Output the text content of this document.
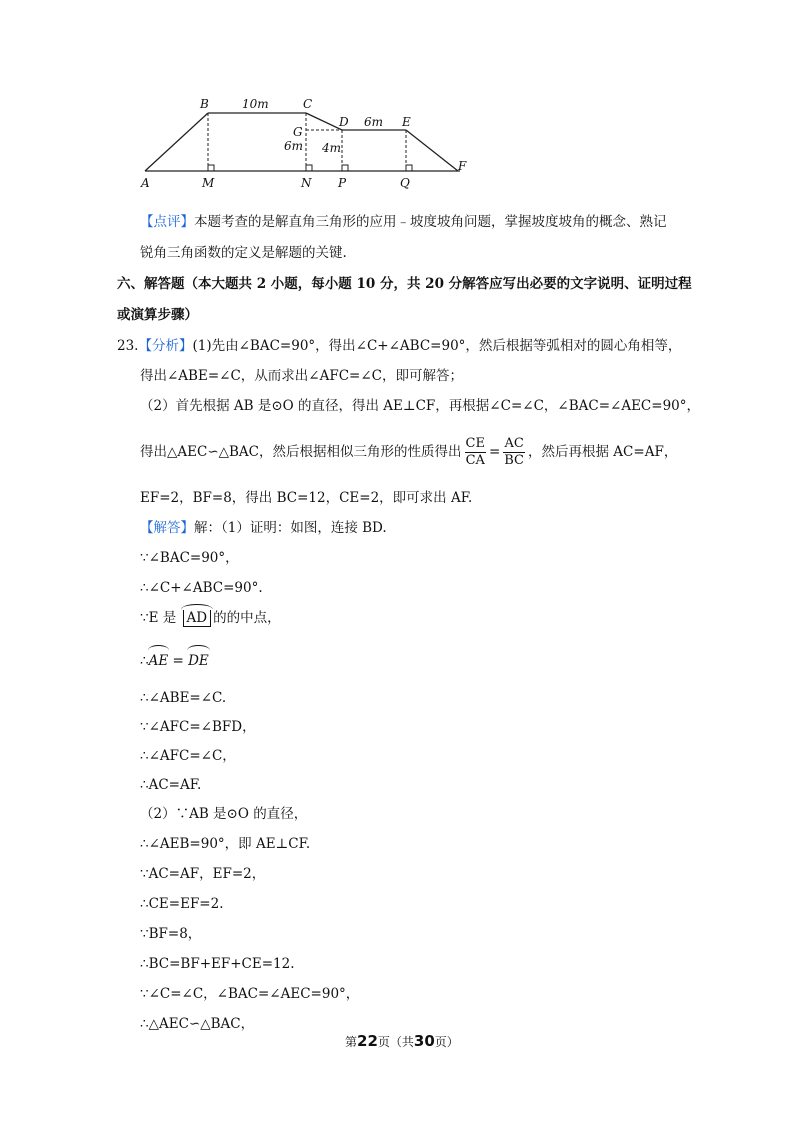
A
B	C
D	E
F
G
M	N P	Q
10m
6m
6m 4m
【点评】本题考查的是解直角三角形的应用﹣坡度坡角问题，掌握坡度坡角的概念、熟记
锐角三角函数的定义是解题的关键.
六、解答题（本大题共 2 小题，每小题 10 分，共 20 分解答应写出必要的文字说明、证明过程
或演算步骤）
23.【分析】(1)先由∠BAC=90°，得出∠C+∠ABC=90°，然后根据等弧相对的圆心角相等，
得出∠ABE=∠C，从而求出∠AFC=∠C，即可解答；
（2）首先根据 AB 是⊙O 的直径，得出 AE⊥CF，再根据∠C=∠C，∠BAC=∠AEC=90°，
得出△AEC∽△BAC，然后根据相似三角形的性质得出 $\frac{CE}{CA} = \frac{AC}{BC}$ ，然后再根据 AC=AF，
EF=2，BF=8，得出 BC=12，CE=2，即可求出 AF.
【解答】解：（1）证明：如图，连接 BD.
∵∠BAC=90°，
∴∠C+∠ABC=90°.
∵E 是 AD 的的中点，
∴AE = DE
∴∠ABE=∠C.
∵∠AFC=∠BFD，
∴∠AFC=∠C，
∴AC=AF.
（2）∵AB 是⊙O 的直径，
∴∠AEB=90°，即 AE⊥CF.
∵AC=AF，EF=2，
∴CE=EF=2.
∵BF=8，
∴BC=BF+EF+CE=12.
∵∠C=∠C，∠BAC=∠AEC=90°，
∴△AEC∽△BAC，
第22页（共30页）
